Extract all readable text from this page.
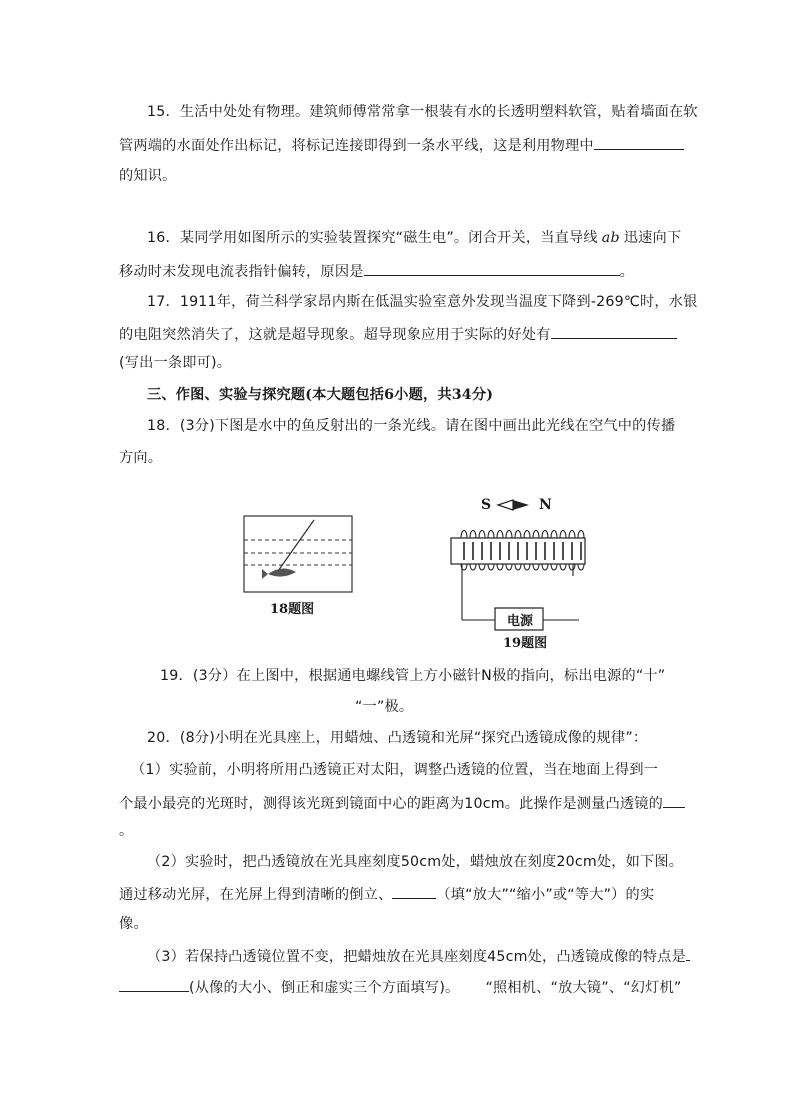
15．生活中处处有物理。建筑师傅常常拿一根装有水的长透明塑料软管，贴着墙面在软
管两端的水面处作出标记，将标记连接即得到一条水平线，这是利用物理中
的知识。
16．某同学用如图所示的实验装置探究“磁生电”。闭合开关，当直导线 ab 迅速向下
移动时未发现电流表指针偏转，原因是	。
17．1911年，荷兰科学家昂内斯在低温实验室意外发现当温度下降到-269℃时，水银
的电阻突然消失了，这就是超导现象。超导现象应用于实际的好处有
(写出一条即可)。
三、作图、实验与探究题(本大题包括6小题，共34分)
18．(3分)下图是水中的鱼反射出的一条光线。请在图中画出此光线在空气中的传播
方向。
18题图
S	N
电源
19题图
19．(3分）在上图中，根据通电螺线管上方小磁针N极的指向，标出电源的“十”
“一”极。
20．(8分)小明在光具座上，用蜡烛、凸透镜和光屏“探究凸透镜成像的规律”：
（1）实验前，小明将所用凸透镜正对太阳，调整凸透镜的位置，当在地面上得到一
个最小最亮的光斑时，测得该光斑到镜面中心的距离为10cm。此操作是测量凸透镜的
。
（2）实验时，把凸透镜放在光具座刻度50cm处，蜡烛放在刻度20cm处，如下图。
通过移动光屏，在光屏上得到清晰的倒立、	（填“放大”“缩小”或“等大”）的实
像。
（3）若保持凸透镜位置不变，把蜡烛放在光具座刻度45cm处，凸透镜成像的特点是
(从像的大小、倒正和虚实三个方面填写)。 “照相机、“放大镜”、“幻灯机”
